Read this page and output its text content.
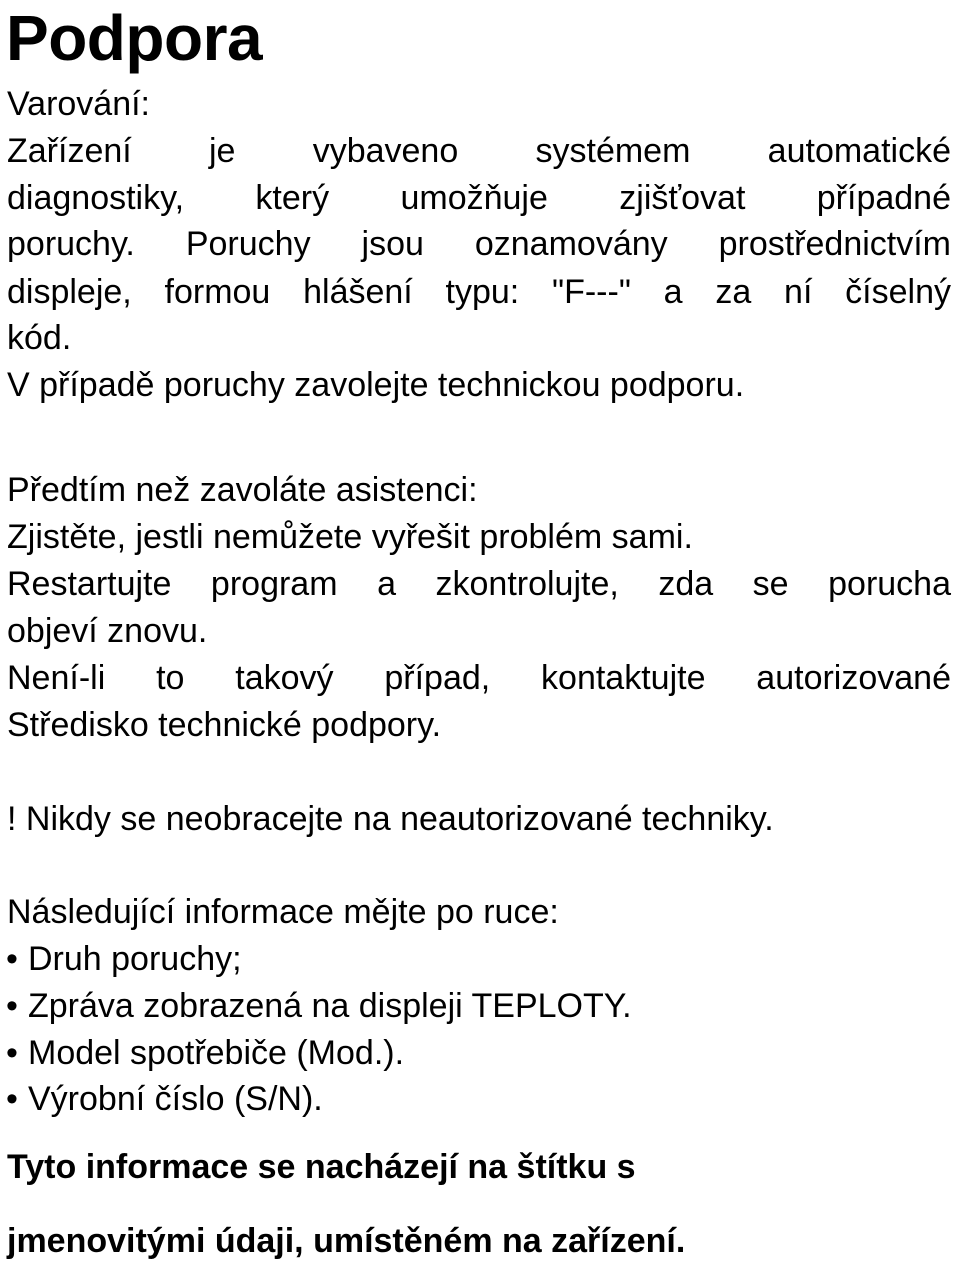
Podpora

Varování:

Zařízení je vybaveno systémem automatické

diagnostiky, který umožňuje zjišťovat případné

poruchy. Poruchy jsou oznamovány prostřednictvím

displeje, formou hlášení typu: "F---" a za ní číselný

kód.

V případě poruchy zavolejte technickou podporu.

Předtím než zavoláte asistenci:

Zjistěte, jestli nemůžete vyřešit problém sami.

Restartujte program a zkontrolujte, zda se porucha

objeví znovu.

Není-li to takový případ, kontaktujte autorizované

Středisko technické podpory.

! Nikdy se neobracejte na neautorizované techniky.

Následující informace mějte po ruce:

• Druh poruchy;
• Zpráva zobrazená na displeji TEPLOTY.
• Model spotřebiče (Mod.).
• Výrobní číslo (S/N).

Tyto informace se nacházejí na štítku s

jmenovitými údaji, umístěném na zařízení.
